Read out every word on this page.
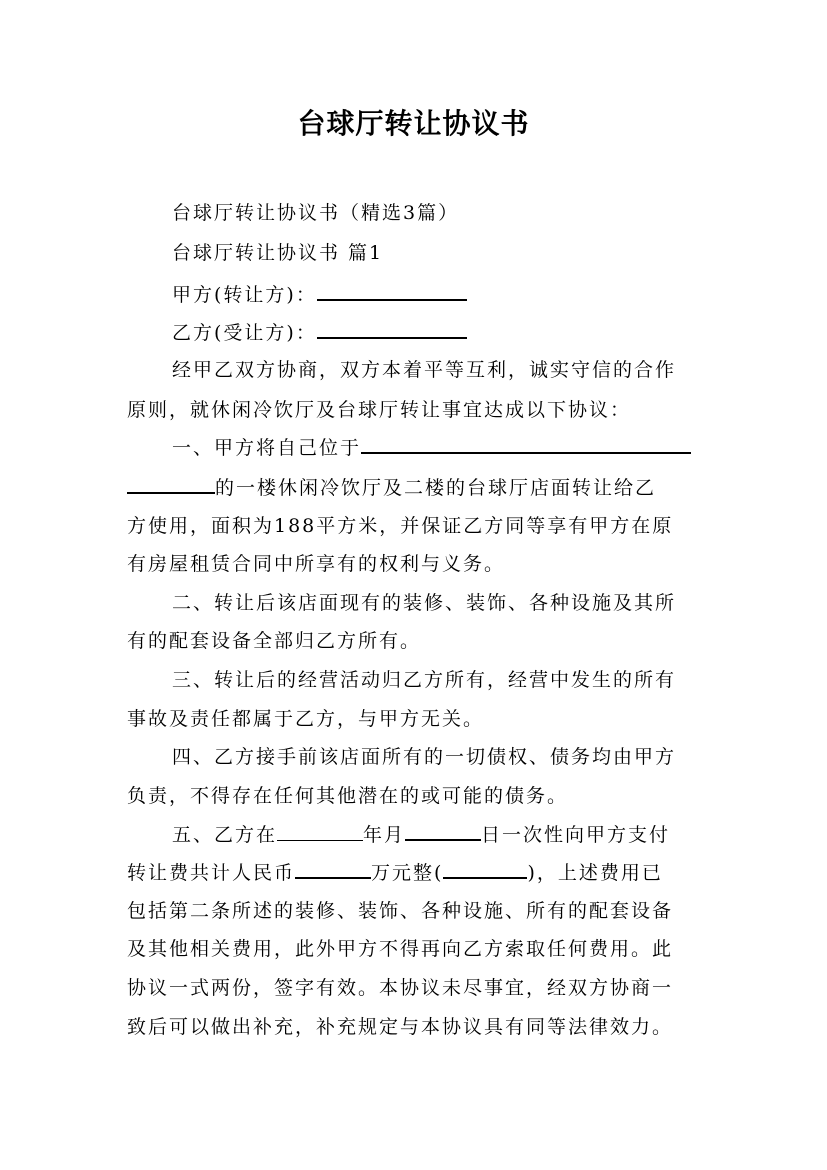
台球厅转让协议书
台球厅转让协议书（精选3篇）
台球厅转让协议书 篇1
甲方(转让方)：
乙方(受让方)：
经甲乙双方协商，双方本着平等互利，诚实守信的合作
原则，就休闲冷饮厅及台球厅转让事宜达成以下协议：
一、甲方将自己位于
的一楼休闲冷饮厅及二楼的台球厅店面转让给乙
方使用，面积为188平方米，并保证乙方同等享有甲方在原
有房屋租赁合同中所享有的权利与义务。
二、转让后该店面现有的装修、装饰、各种设施及其所
有的配套设备全部归乙方所有。
三、转让后的经营活动归乙方所有，经营中发生的所有
事故及责任都属于乙方，与甲方无关。
四、乙方接手前该店面所有的一切债权、债务均由甲方
负责，不得存在任何其他潜在的或可能的债务。
五、乙方在	年月	日一次性向甲方支付
转让费共计人民币	万元整(	)，上述费用已
包括第二条所述的装修、装饰、各种设施、所有的配套设备
及其他相关费用，此外甲方不得再向乙方索取任何费用。此
协议一式两份，签字有效。本协议未尽事宜，经双方协商一
致后可以做出补充，补充规定与本协议具有同等法律效力。
